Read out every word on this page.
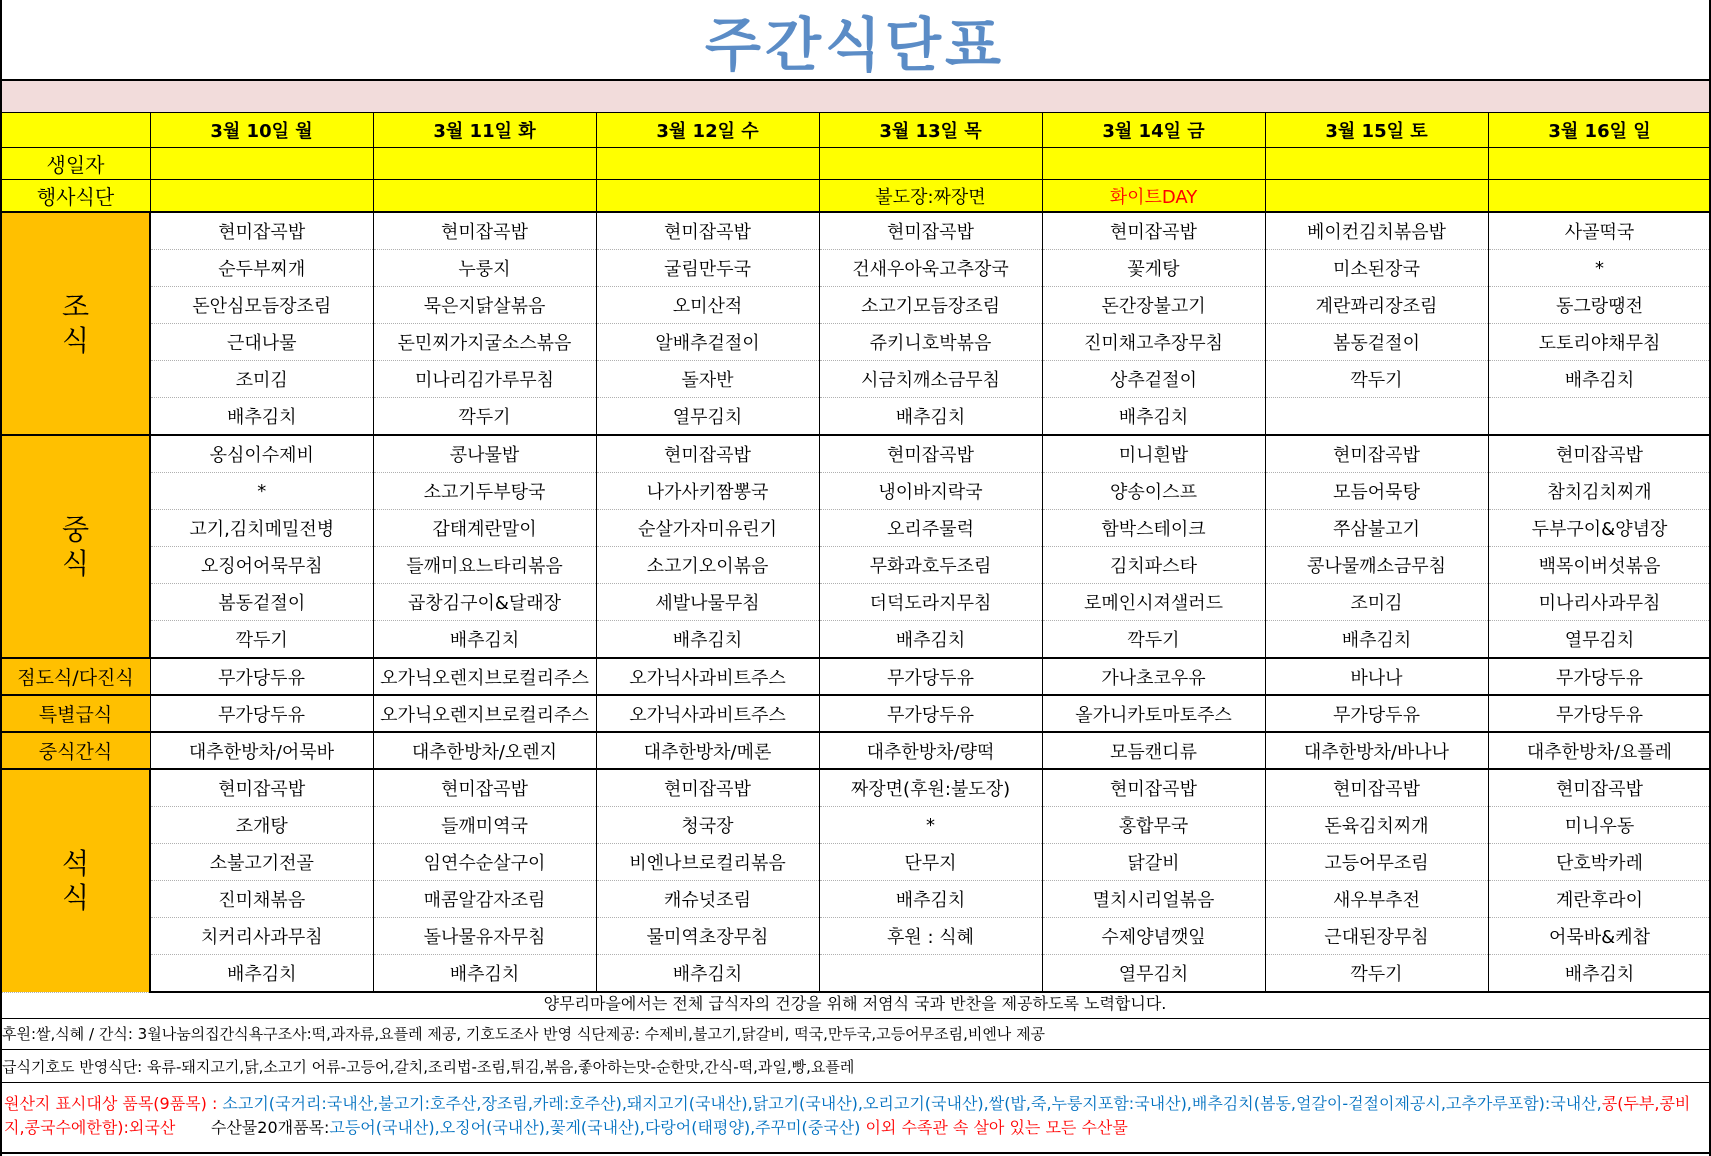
주간식단표
	3월 10일 월	3월 11일 화	3월 12일 수	3월 13일 목	3월 14일 금	3월 15일 토	3월 16일 일
생일자							
행사식단				불도장:짜장면	화이트DAY		
조
식	현미잡곡밥	현미잡곡밥	현미잡곡밥	현미잡곡밥	현미잡곡밥	베이컨김치볶음밥	사골떡국
	순두부찌개	누룽지	굴림만두국	건새우아욱고추장국	꽃게탕	미소된장국	*
	돈안심모듬장조림	묵은지닭살볶음	오미산적	소고기모듬장조림	돈간장불고기	계란꽈리장조림	동그랑땡전
	근대나물	돈민찌가지굴소스볶음	알배추겉절이	쥬키니호박볶음	진미채고추장무침	봄동겉절이	도토리야채무침
	조미김	미나리김가루무침	돌자반	시금치깨소금무침	상추겉절이	깍두기	배추김치
	배추김치	깍두기	열무김치	배추김치	배추김치		
중
식	옹심이수제비	콩나물밥	현미잡곡밥	현미잡곡밥	미니흰밥	현미잡곡밥	현미잡곡밥
	*	소고기두부탕국	나가사키짬뽕국	냉이바지락국	양송이스프	모듬어묵탕	참치김치찌개
	고기,김치메밀전병	갑태계란말이	순살가자미유린기	오리주물럭	함박스테이크	쭈삼불고기	두부구이&양념장
	오징어어묵무침	들깨미요느타리볶음	소고기오이볶음	무화과호두조림	김치파스타	콩나물깨소금무침	백목이버섯볶음
	봄동겉절이	곱창김구이&달래장	세발나물무침	더덕도라지무침	로메인시져샐러드	조미김	미나리사과무침
	깍두기	배추김치	배추김치	배추김치	깍두기	배추김치	열무김치
점도식/다진식	무가당두유	오가닉오렌지브로컬리주스	오가닉사과비트주스	무가당두유	가나초코우유	바나나	무가당두유
특별급식	무가당두유	오가닉오렌지브로컬리주스	오가닉사과비트주스	무가당두유	올가니카토마토주스	무가당두유	무가당두유
중식간식	대추한방차/어묵바	대추한방차/오렌지	대추한방차/메론	대추한방차/량떡	모듬캔디류	대추한방차/바나나	대추한방차/요플레
석
식	현미잡곡밥	현미잡곡밥	현미잡곡밥	짜장면(후원:불도장)	현미잡곡밥	현미잡곡밥	현미잡곡밥
	조개탕	들깨미역국	청국장	*	홍합무국	돈육김치찌개	미니우동
	소불고기전골	임연수순살구이	비엔나브로컬리볶음	단무지	닭갈비	고등어무조림	단호박카레
	진미채볶음	매콤알감자조림	캐슈넛조림	배추김치	멸치시리얼볶음	새우부추전	계란후라이
	치커리사과무침	돌나물유자무침	물미역초장무침	후원 : 식혜	수제양념깻잎	근대된장무침	어묵바&케찹
	배추김치	배추김치	배추김치		열무김치	깍두기	배추김치
양무리마을에서는 전체 급식자의 건강을 위해 저염식 국과 반찬을 제공하도록 노력합니다.
후원:쌀,식혜 / 간식: 3월나눔의집간식욕구조사:떡,과자류,요플레 제공, 기호도조사 반영 식단제공: 수제비,불고기,닭갈비, 떡국,만두국,고등어무조림,비엔나 제공
급식기호도 반영식단: 육류-돼지고기,닭,소고기 어류-고등어,갈치,조리법-조림,튀김,볶음,좋아하는맛-순한맛,간식-떡,과일,빵,요플레
원산지 표시대상 품목(9품목) : 소고기(국거리:국내산,불고기:호주산,장조림,카레:호주산),돼지고기(국내산),닭고기(국내산),오리고기(국내산),쌀(밥,죽,누룽지포함:국내산),배추김치(봄동,얼갈이-겉절이제공시,고추가루포함):국내산,콩(두부,콩비지,콩국수에한함):외국산 수산물20개품목:고등어(국내산),오징어(국내산),꽃게(국내산),다랑어(태평양),주꾸미(중국산) 이외 수족관 속 살아 있는 모든 수산물
